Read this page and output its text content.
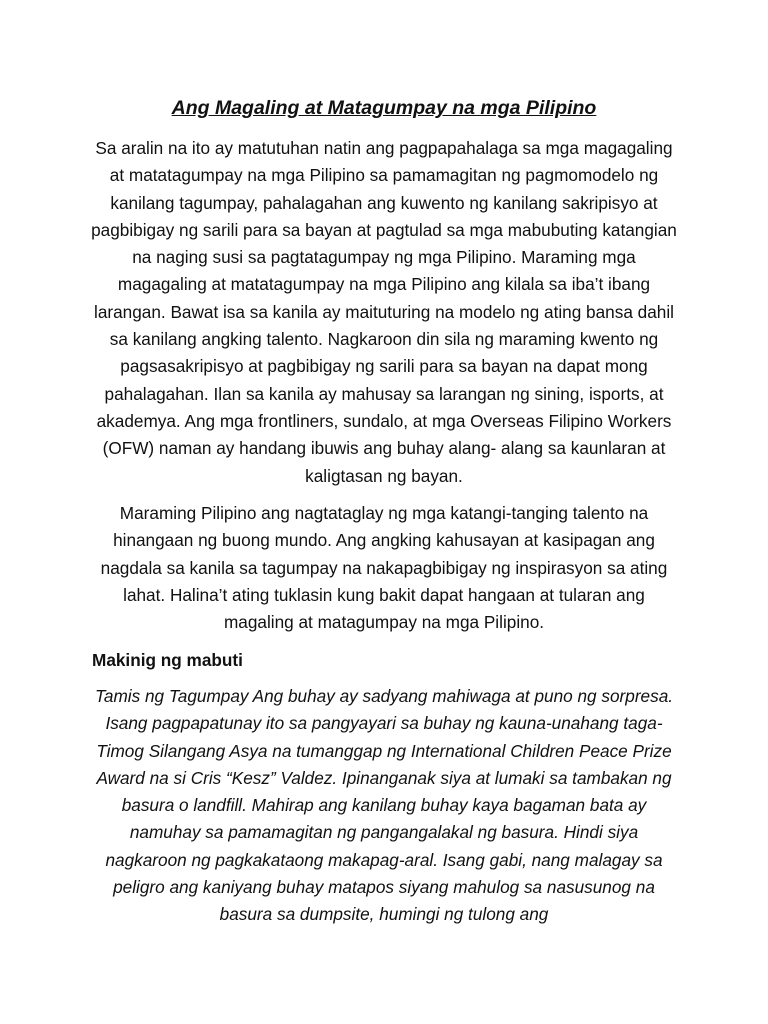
Ang Magaling at Matagumpay na mga Pilipino

Sa aralin na ito ay matutuhan natin ang pagpapahalaga sa mga magagaling at matatagumpay na mga Pilipino sa pamamagitan ng pagmomodelo ng kanilang tagumpay, pahalagahan ang kuwento ng kanilang sakripisyo at pagbibigay ng sarili para sa bayan at pagtulad sa mga mabubuting katangian na naging susi sa pagtatagumpay ng mga Pilipino. Maraming mga magagaling at matatagumpay na mga Pilipino ang kilala sa iba’t ibang larangan. Bawat isa sa kanila ay maituturing na modelo ng ating bansa dahil sa kanilang angking talento. Nagkaroon din sila ng maraming kwento ng pagsasakripisyo at pagbibigay ng sarili para sa bayan na dapat mong pahalagahan. Ilan sa kanila ay mahusay sa larangan ng sining, isports, at akademya. Ang mga frontliners, sundalo, at mga Overseas Filipino Workers (OFW) naman ay handang ibuwis ang buhay alang- alang sa kaunlaran at kaligtasan ng bayan.

Maraming Pilipino ang nagtataglay ng mga katangi-tanging talento na hinangaan ng buong mundo. Ang angking kahusayan at kasipagan ang nagdala sa kanila sa tagumpay na nakapagbibigay ng inspirasyon sa ating lahat. Halina’t ating tuklasin kung bakit dapat hangaan at tularan ang magaling at matagumpay na mga Pilipino.

Makinig ng mabuti

Tamis ng Tagumpay Ang buhay ay sadyang mahiwaga at puno ng sorpresa. Isang pagpapatunay ito sa pangyayari sa buhay ng kauna-unahang taga-Timog Silangang Asya na tumanggap ng International Children Peace Prize Award na si Cris “Kesz” Valdez. Ipinanganak siya at lumaki sa tambakan ng basura o landfill. Mahirap ang kanilang buhay kaya bagaman bata ay namuhay sa pamamagitan ng pangangalakal ng basura. Hindi siya nagkaroon ng pagkakataong makapag-aral. Isang gabi, nang malagay sa peligro ang kaniyang buhay matapos siyang mahulog sa nasusunog na basura sa dumpsite, humingi ng tulong ang
